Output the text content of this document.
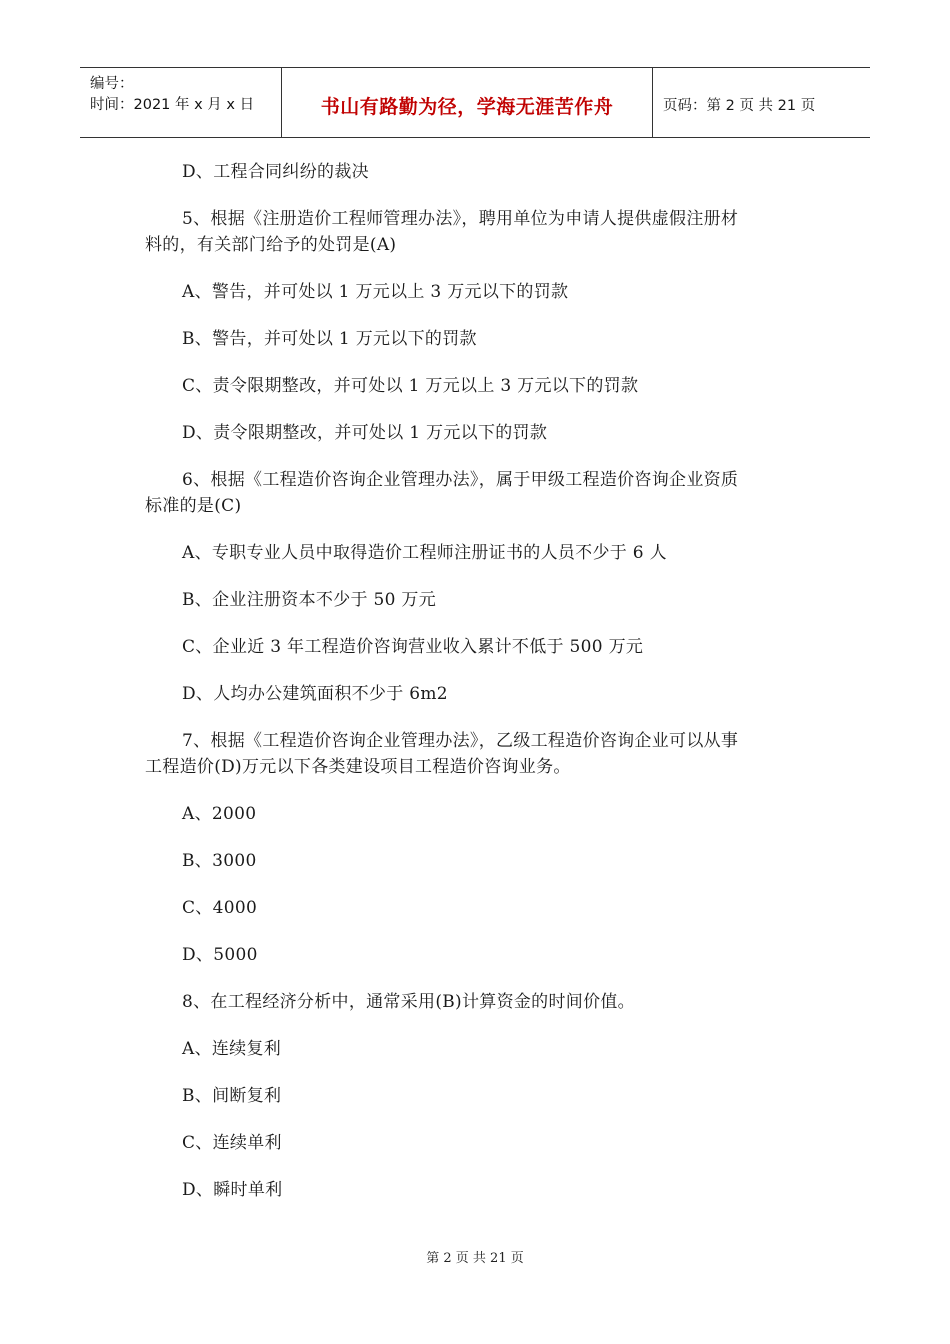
编号：
时间：2021 年 x 月 x 日	书山有路勤为径，学海无涯苦作舟	页码：第 2 页 共 21 页
D、工程合同纠纷的裁决
5、根据《注册造价工程师管理办法》，聘用单位为申请人提供虚假注册材
料的，有关部门给予的处罚是(A)
A、警告，并可处以 1 万元以上 3 万元以下的罚款
B、警告，并可处以 1 万元以下的罚款
C、责令限期整改，并可处以 1 万元以上 3 万元以下的罚款
D、责令限期整改，并可处以 1 万元以下的罚款
6、根据《工程造价咨询企业管理办法》，属于甲级工程造价咨询企业资质
标准的是(C)
A、专职专业人员中取得造价工程师注册证书的人员不少于 6 人
B、企业注册资本不少于 50 万元
C、企业近 3 年工程造价咨询营业收入累计不低于 500 万元
D、人均办公建筑面积不少于 6m2
7、根据《工程造价咨询企业管理办法》，乙级工程造价咨询企业可以从事
工程造价(D)万元以下各类建设项目工程造价咨询业务。
A、2000
B、3000
C、4000
D、5000
8、在工程经济分析中，通常采用(B)计算资金的时间价值。
A、连续复利
B、间断复利
C、连续单利
D、瞬时单利
第 2 页 共 21 页
